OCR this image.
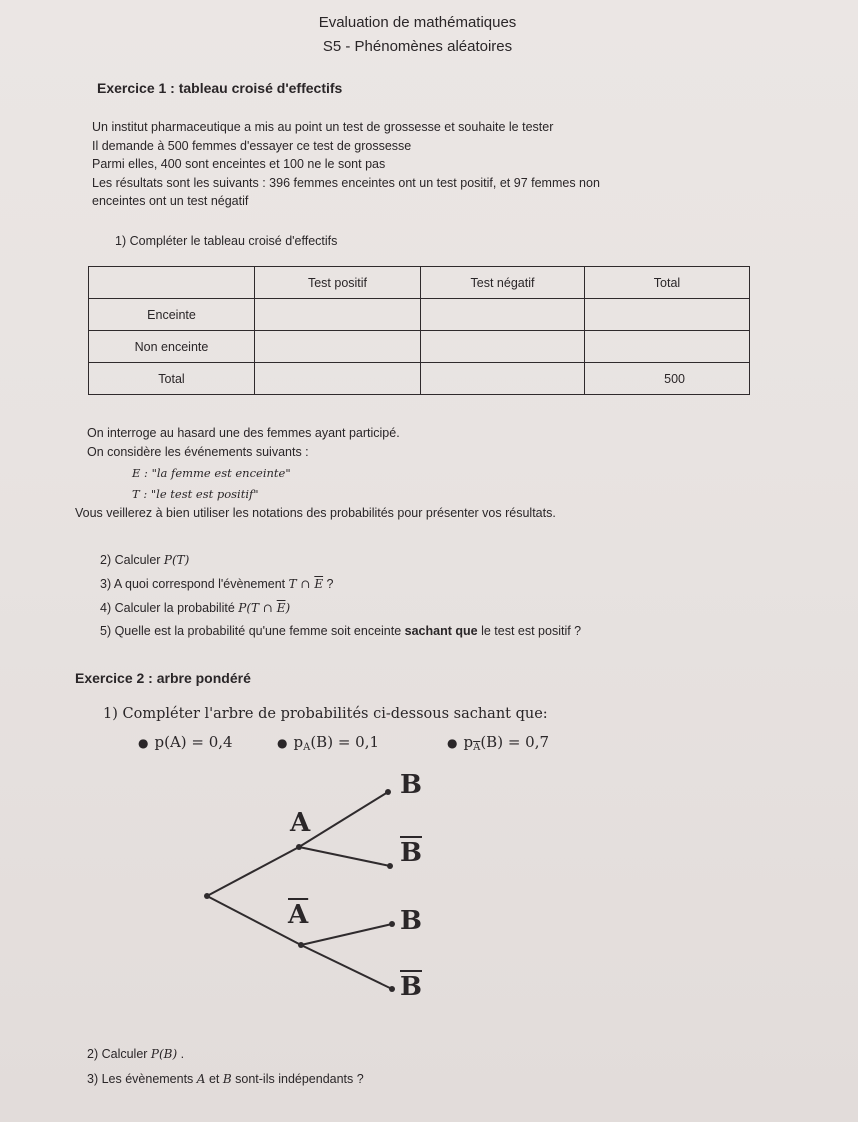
Evaluation de mathématiques
S5 - Phénomènes aléatoires
Exercice 1 : tableau croisé d'effectifs
Un institut pharmaceutique a mis au point un test de grossesse et souhaite le tester
Il demande à 500 femmes d'essayer ce test de grossesse
Parmi elles, 400 sont enceintes et 100 ne le sont pas
Les résultats sont les suivants : 396 femmes enceintes ont un test positif, et 97 femmes non
enceintes ont un test négatif
1) Compléter le tableau croisé d'effectifs
	Test positif	Test négatif	Total
Enceinte			
Non enceinte			
Total			500
On interroge au hasard une des femmes ayant participé.
On considère les événements suivants :
E : "la femme est enceinte"
T : "le test est positif"
Vous veillerez à bien utiliser les notations des probabilités pour présenter vos résultats.
2) Calculer P(T)
3) A quoi correspond l'évènement T ∩ $\overline{E}$ ?
4) Calculer la probabilité P(T ∩ $\overline{E}$)
5) Quelle est la probabilité qu'une femme soit enceinte sachant que le test est positif ?
Exercice 2 : arbre pondéré
1) Compléter l'arbre de probabilités ci-dessous sachant que:
● p(A) = 0,4	● $p_A(B) = 0,1$	● $p_{\overline{A}}(B) = 0,7$
A
$\overline{A}$
B
$\overline{B}$
B
$\overline{B}$
2) Calculer P(B) .
3) Les évènements A et B sont-ils indépendants ?
